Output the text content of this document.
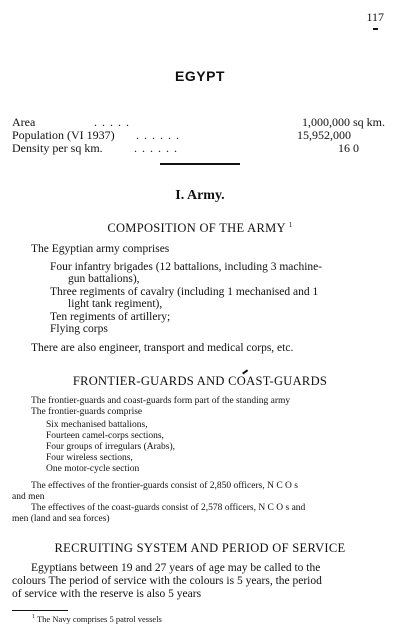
117
EGYPT
Area	. . . . .	1,000,000 sq km.
Population (VI 1937) . . . . . .	15,952,000
Density per sq km.	. . . . . .	16 0
I. Army.
COMPOSITION OF THE ARMY $^1$
The Egyptian army comprises
Four infantry brigades (12 battalions, including 3 machine-
gun battalions),
Three regiments of cavalry (including 1 mechanised and 1
light tank regiment),
Ten regiments of artillery;
Flying corps
There are also engineer, transport and medical corps, etc.
FRONTIER-GUARDS AND COAST-GUARDS
The frontier-guards and coast-guards form part of the standing army
The frontier-guards comprise
Six mechanised battalions,
Fourteen camel-corps sections,
Four groups of irregulars (Arabs),
Four wireless sections,
One motor-cycle section
The effectives of the frontier-guards consist of 2,850 officers, N C O s
and men
The effectives of the coast-guards consist of 2,578 officers, N C O s and
men (land and sea forces)
RECRUITING SYSTEM AND PERIOD OF SERVICE
Egyptians between 19 and 27 years of age may be called to the
colours The period of service with the colours is 5 years, the period
of service with the reserve is also 5 years
$^1$ The Navy comprises 5 patrol vessels
